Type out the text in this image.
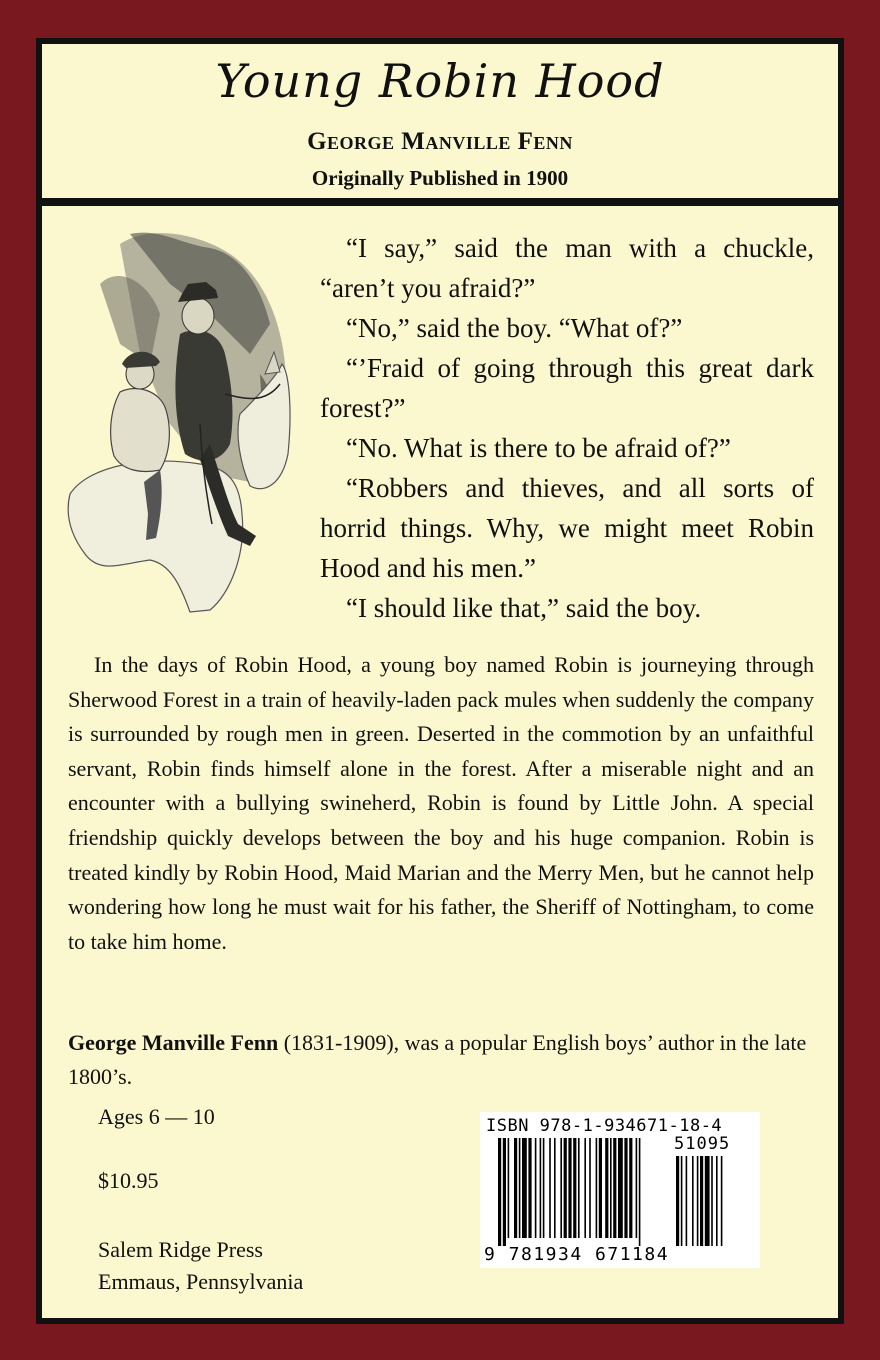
Young Robin Hood
George Manville Fenn
Originally Published in 1900

“I say,” said the man with a chuckle, “aren’t you afraid?”

“No,” said the boy. “What of?”

“’Fraid of going through this great dark forest?”

“No. What is there to be afraid of?”

“Robbers and thieves, and all sorts of horrid things. Why, we might meet Robin Hood and his men.”

“I should like that,” said the boy.

In the days of Robin Hood, a young boy named Robin is journeying through Sherwood Forest in a train of heavily-laden pack mules when suddenly the company is surrounded by rough men in green. Deserted in the commotion by an unfaithful servant, Robin finds himself alone in the forest. After a miserable night and an encounter with a bullying swineherd, Robin is found by Little John. A special friendship quickly develops between the boy and his huge companion. Robin is treated kindly by Robin Hood, Maid Marian and the Merry Men, but he cannot help wondering how long he must wait for his father, the Sheriff of Nottingham, to come to take him home.

George Manville Fenn (1831-1909), was a popular English boys’ author in the late 1800’s.
Ages 6 — 10
$10.95
Salem Ridge Press
Emmaus, Pennsylvania
ISBN 978-1-934671-18-4
51095
9 781934 671184
